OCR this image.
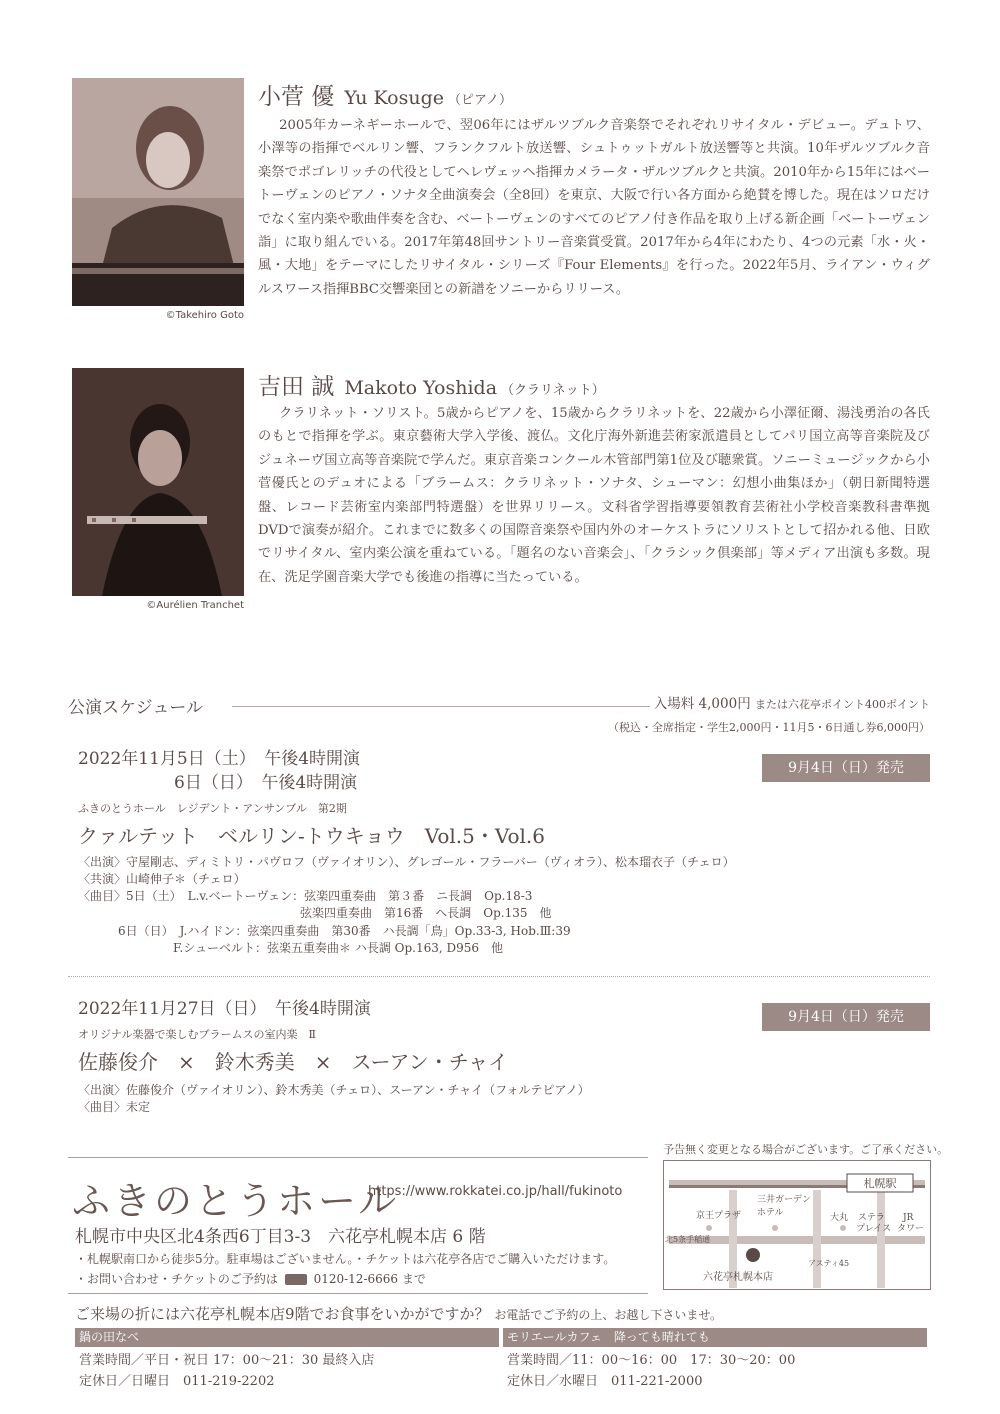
©Takehiro Goto
小菅 優 Yu Kosuge （ピアノ）
2005年カーネギーホールで、翌06年にはザルツブルク音楽祭でそれぞれリサイタル・デビュー。デュトワ、小澤等の指揮でベルリン響、フランクフルト放送響、シュトゥットガルト放送響等と共演。10年ザルツブルク音楽祭でポゴレリッチの代役としてヘレヴェッヘ指揮カメラータ・ザルツブルクと共演。2010年から15年にはベートーヴェンのピアノ・ソナタ全曲演奏会（全8回）を東京、大阪で行い各方面から絶賛を博した。現在はソロだけでなく室内楽や歌曲伴奏を含む、ベートーヴェンのすべてのピアノ付き作品を取り上げる新企画「ベートーヴェン詣」に取り組んでいる。2017年第48回サントリー音楽賞受賞。2017年から4年にわたり、4つの元素「水・火・風・大地」をテーマにしたリサイタル・シリーズ『Four Elements』を行った。2022年5月、ライアン・ウィグルスワース指揮BBC交響楽団との新譜をソニーからリリース。
©Aurélien Tranchet
吉田 誠 Makoto Yoshida （クラリネット）
クラリネット・ソリスト。5歳からピアノを、15歳からクラリネットを、22歳から小澤征爾、湯浅勇治の各氏のもとで指揮を学ぶ。東京藝術大学入学後、渡仏。文化庁海外新進芸術家派遣員としてパリ国立高等音楽院及びジュネーヴ国立高等音楽院で学んだ。東京音楽コンクール木管部門第1位及び聴衆賞。ソニーミュージックから小菅優氏とのデュオによる「ブラームス：クラリネット・ソナタ、シューマン：幻想小曲集ほか」（朝日新聞特選盤、レコード芸術室内楽部門特選盤）を世界リリース。文科省学習指導要領教育芸術社小学校音楽教科書準拠DVDで演奏が紹介。これまでに数多くの国際音楽祭や国内外のオーケストラにソリストとして招かれる他、日欧でリサイタル、室内楽公演を重ねている。「題名のない音楽会」、「クラシック倶楽部」等メディア出演も多数。現在、洗足学園音楽大学でも後進の指導に当たっている。
公演スケジュール	入場料 4,000円 または六花亭ポイント400ポイント
（税込・全席指定・学生2,000円・11月5・6日通し券6,000円）
2022年11月5日（土）　午後4時開演
6日（日）　午後4時開演
9月4日（日）発売
ふきのとうホール　レジデント・アンサンブル　第2期
クァルテット　ベルリン-トウキョウ　Vol.5・Vol.6
〈出演〉守屋剛志、ディミトリ・パヴロフ（ヴァイオリン）、グレゴール・フラーバー（ヴィオラ）、松本瑠衣子（チェロ）
〈共演〉山崎伸子＊（チェロ）
〈曲目〉5日（土）　L.v.ベートーヴェン：弦楽四重奏曲　第３番　ニ長調　Op.18-3
弦楽四重奏曲　第16番　ヘ長調　Op.135　他
6日（日）　J.ハイドン：弦楽四重奏曲　第30番　ハ長調「鳥」Op.33-3, Hob.Ⅲ:39
F.シューベルト：弦楽五重奏曲＊ ハ長調 Op.163, D956　他
2022年11月27日（日）　午後4時開演	9月4日（日）発売
オリジナル楽器で楽しむブラームスの室内楽　Ⅱ
佐藤俊介　×　鈴木秀美　×　スーアン・チャイ
〈出演〉佐藤俊介（ヴァイオリン）、鈴木秀美（チェロ）、スーアン・チャイ（フォルテピアノ）
〈曲目〉未定
ふきのとうホール
https://www.rokkatei.co.jp/hall/fukinoto
札幌市中央区北4条西6丁目3-3　六花亭札幌本店 6 階
・札幌駅南口から徒歩5分。駐車場はございません。・チケットは六花亭各店でご購入いただけます。
・お問い合わせ・チケットのご予約は	0120-12-6666 まで
予告無く変更となる場合がございます。ご了承ください。
札幌駅
京王プラザ
三井ガーデン
ホテル	大丸 ステラ
プレイス
JR
タワー
北5条手稲通
アスティ45
六花亭札幌本店
ご来場の折には六花亭札幌本店9階でお食事をいかがですか？ お電話でご予約の上、お越し下さいませ。
鍋の田なべ
営業時間／平日・祝日 17：00～21：30 最終入店
定休日／日曜日　011-219-2202
モリエールカフェ　降っても晴れても
営業時間／11：00～16：00　17：30～20：00
定休日／水曜日　011-221-2000
